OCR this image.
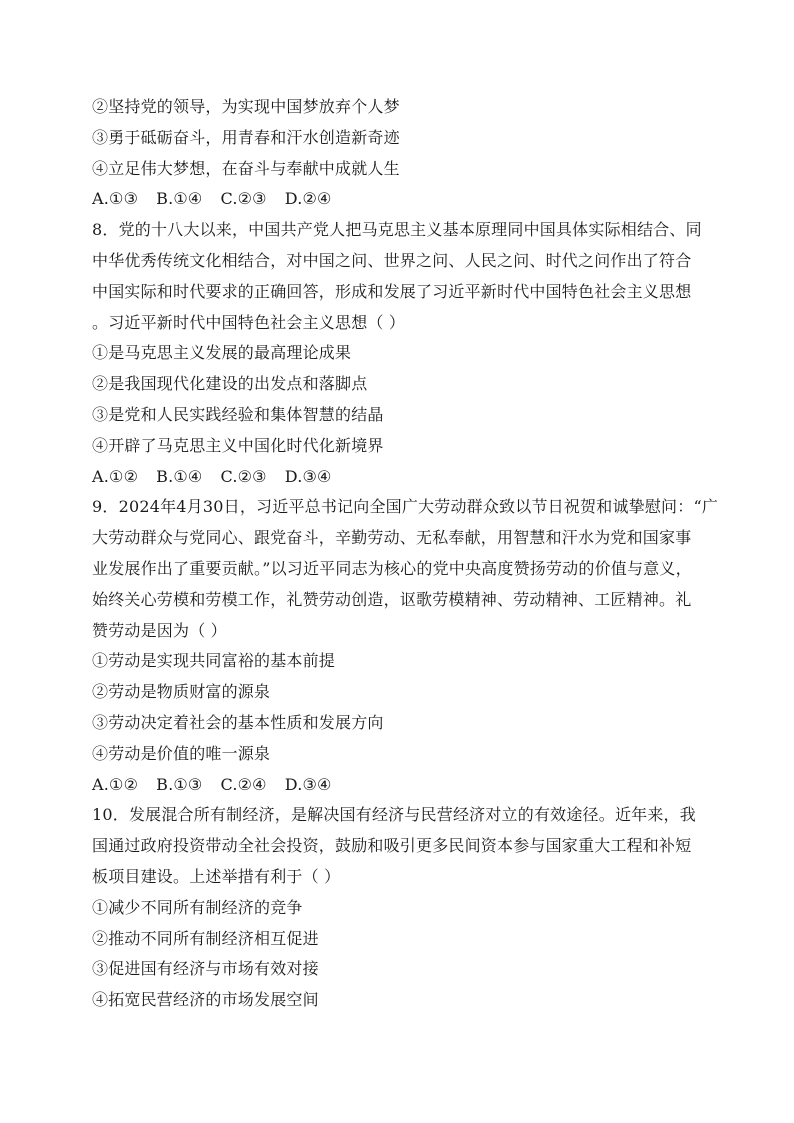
②坚持党的领导，为实现中国梦放弃个人梦
③勇于砥砺奋斗，用青春和汗水创造新奇迹
④立足伟大梦想，在奋斗与奉献中成就人生
A.①③ B.①④ C.②③ D.②④
8．党的十八大以来，中国共产党人把马克思主义基本原理同中国具体实际相结合、同
中华优秀传统文化相结合，对中国之问、世界之问、人民之问、时代之问作出了符合
中国实际和时代要求的正确回答，形成和发展了习近平新时代中国特色社会主义思想
。习近平新时代中国特色社会主义思想（ ）
①是马克思主义发展的最高理论成果
②是我国现代化建设的出发点和落脚点
③是党和人民实践经验和集体智慧的结晶
④开辟了马克思主义中国化时代化新境界
A.①② B.①④ C.②③ D.③④
9．2024年4月30日，习近平总书记向全国广大劳动群众致以节日祝贺和诚挚慰问：“广
大劳动群众与党同心、跟党奋斗，辛勤劳动、无私奉献，用智慧和汗水为党和国家事
业发展作出了重要贡献。”以习近平同志为核心的党中央高度赞扬劳动的价值与意义，
始终关心劳模和劳模工作，礼赞劳动创造，讴歌劳模精神、劳动精神、工匠精神。礼
赞劳动是因为（ ）
①劳动是实现共同富裕的基本前提
②劳动是物质财富的源泉
③劳动决定着社会的基本性质和发展方向
④劳动是价值的唯一源泉
A.①② B.①③ C.②④ D.③④
10．发展混合所有制经济，是解决国有经济与民营经济对立的有效途径。近年来，我
国通过政府投资带动全社会投资，鼓励和吸引更多民间资本参与国家重大工程和补短
板项目建设。上述举措有利于（ ）
①减少不同所有制经济的竞争
②推动不同所有制经济相互促进
③促进国有经济与市场有效对接
④拓宽民营经济的市场发展空间
